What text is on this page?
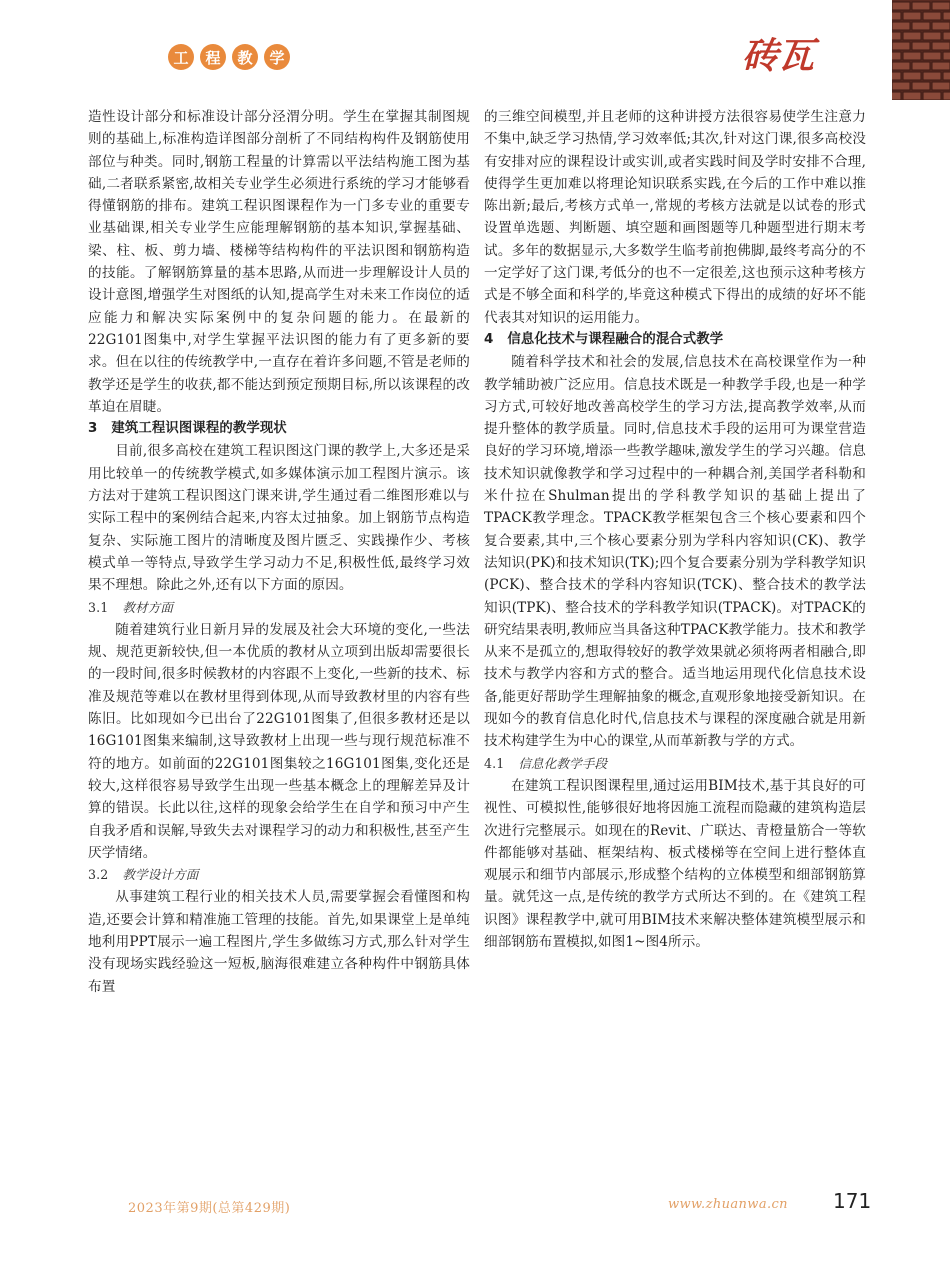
工	程	教	学	砖瓦

造性设计部分和标准设计部分泾渭分明。学生在掌握其制图规则的基础上,标准构造详图部分剖析了不同结构构件及钢筋使用部位与种类。同时,钢筋工程量的计算需以平法结构施工图为基础,二者联系紧密,故相关专业学生必须进行系统的学习才能够看得懂钢筋的排布。建筑工程识图课程作为一门多专业的重要专业基础课,相关专业学生应能理解钢筋的基本知识,掌握基础、梁、柱、板、剪力墙、楼梯等结构构件的平法识图和钢筋构造的技能。了解钢筋算量的基本思路,从而进一步理解设计人员的设计意图,增强学生对图纸的认知,提高学生对未来工作岗位的适应能力和解决实际案例中的复杂问题的能力。在最新的22G101图集中,对学生掌握平法识图的能力有了更多新的要求。但在以往的传统教学中,一直存在着许多问题,不管是老师的教学还是学生的收获,都不能达到预定预期目标,所以该课程的改革迫在眉睫。

3 建筑工程识图课程的教学现状

目前,很多高校在建筑工程识图这门课的教学上,大多还是采用比较单一的传统教学模式,如多媒体演示加工程图片演示。该方法对于建筑工程识图这门课来讲,学生通过看二维图形难以与实际工程中的案例结合起来,内容太过抽象。加上钢筋节点构造复杂、实际施工图片的清晰度及图片匮乏、实践操作少、考核模式单一等特点,导致学生学习动力不足,积极性低,最终学习效果不理想。除此之外,还有以下方面的原因。

3.1 教材方面

随着建筑行业日新月异的发展及社会大环境的变化,一些法规、规范更新较快,但一本优质的教材从立项到出版却需要很长的一段时间,很多时候教材的内容跟不上变化,一些新的技术、标准及规范等难以在教材里得到体现,从而导致教材里的内容有些陈旧。比如现如今已出台了22G101图集了,但很多教材还是以16G101图集来编制,这导致教材上出现一些与现行规范标准不符的地方。如前面的22G101图集较之16G101图集,变化还是较大,这样很容易导致学生出现一些基本概念上的理解差异及计算的错误。长此以往,这样的现象会给学生在自学和预习中产生自我矛盾和误解,导致失去对课程学习的动力和积极性,甚至产生厌学情绪。

3.2 教学设计方面

从事建筑工程行业的相关技术人员,需要掌握会看懂图和构造,还要会计算和精准施工管理的技能。首先,如果课堂上是单纯地利用PPT展示一遍工程图片,学生多做练习方式,那么针对学生没有现场实践经验这一短板,脑海很难建立各种构件中钢筋具体布置

的三维空间模型,并且老师的这种讲授方法很容易使学生注意力不集中,缺乏学习热情,学习效率低;其次,针对这门课,很多高校没有安排对应的课程设计或实训,或者实践时间及学时安排不合理,使得学生更加难以将理论知识联系实践,在今后的工作中难以推陈出新;最后,考核方式单一,常规的考核方法就是以试卷的形式设置单选题、判断题、填空题和画图题等几种题型进行期末考试。多年的数据显示,大多数学生临考前抱佛脚,最终考高分的不一定学好了这门课,考低分的也不一定很差,这也预示这种考核方式是不够全面和科学的,毕竟这种模式下得出的成绩的好坏不能代表其对知识的运用能力。

4 信息化技术与课程融合的混合式教学

随着科学技术和社会的发展,信息技术在高校课堂作为一种教学辅助被广泛应用。信息技术既是一种教学手段,也是一种学习方式,可较好地改善高校学生的学习方法,提高教学效率,从而提升整体的教学质量。同时,信息技术手段的运用可为课堂营造良好的学习环境,增添一些教学趣味,激发学生的学习兴趣。信息技术知识就像教学和学习过程中的一种耦合剂,美国学者科勒和米什拉在Shulman提出的学科教学知识的基础上提出了TPACK教学理念。TPACK教学框架包含三个核心要素和四个复合要素,其中,三个核心要素分别为学科内容知识(CK)、教学法知识(PK)和技术知识(TK);四个复合要素分别为学科教学知识(PCK)、整合技术的学科内容知识(TCK)、整合技术的教学法知识(TPK)、整合技术的学科教学知识(TPACK)。对TPACK的研究结果表明,教师应当具备这种TPACK教学能力。技术和教学从来不是孤立的,想取得较好的教学效果就必须将两者相融合,即技术与教学内容和方式的整合。适当地运用现代化信息技术设备,能更好帮助学生理解抽象的概念,直观形象地接受新知识。在现如今的教育信息化时代,信息技术与课程的深度融合就是用新技术构建学生为中心的课堂,从而革新教与学的方式。

4.1 信息化教学手段

在建筑工程识图课程里,通过运用BIM技术,基于其良好的可视性、可模拟性,能够很好地将因施工流程而隐藏的建筑构造层次进行完整展示。如现在的Revit、广联达、青橙量筋合一等软件都能够对基础、框架结构、板式楼梯等在空间上进行整体直观展示和细节内部展示,形成整个结构的立体模型和细部钢筋算量。就凭这一点,是传统的教学方式所达不到的。在《建筑工程识图》课程教学中,就可用BIM技术来解决整体建筑模型展示和细部钢筋布置模拟,如图1~图4所示。

2023年第9期(总第429期)	www.zhuanwa.cn 171
